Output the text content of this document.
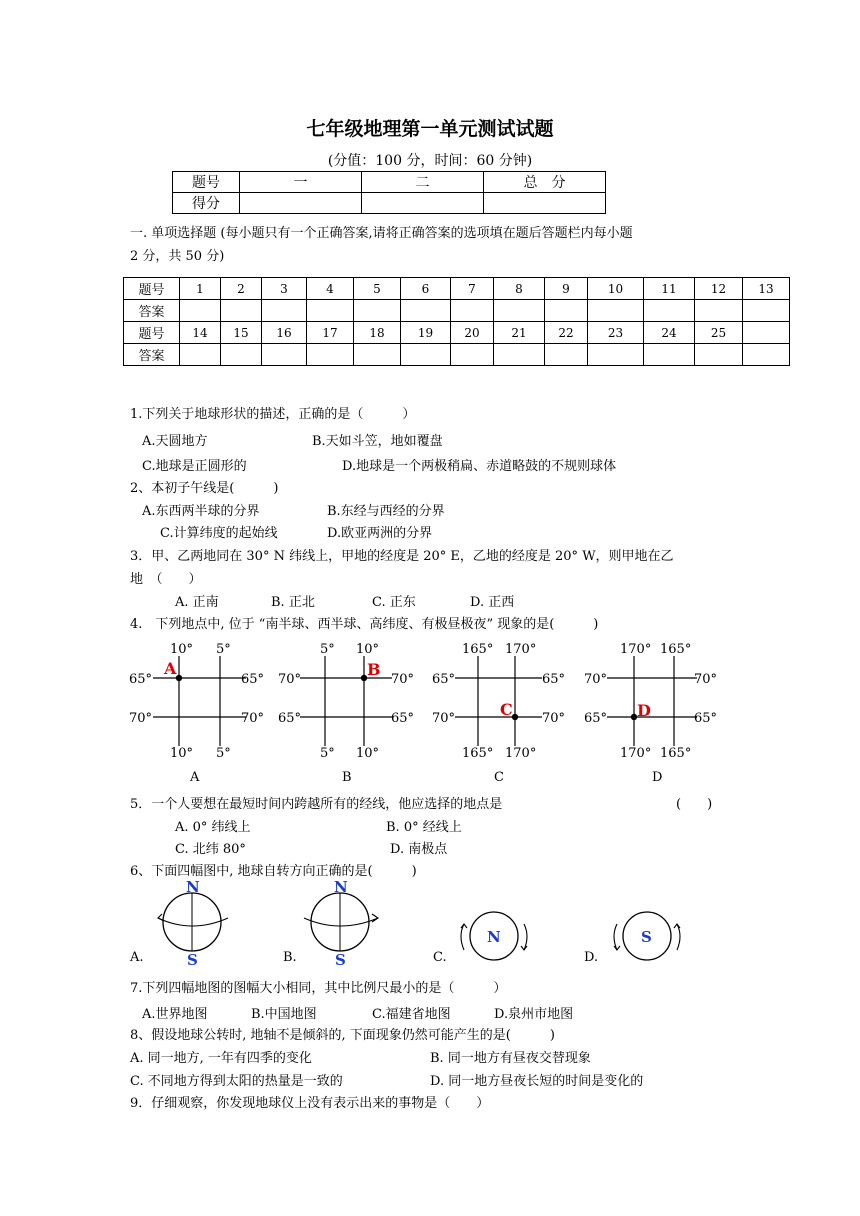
七年级地理第一单元测试试题
(分值：100 分，时间：60 分钟)
题号	一	二	总　分
得分			
一. 单项选择题 (每小题只有一个正确答案,请将正确答案的选项填在题后答题栏内每小题
2 分，共 50 分)
题号	1	2	3	4	5	6	7	8	9	10	11	12	13
答案													
题号	14	15	16	17	18	19	20	21	22	23	24	25	
答案													
1.下列关于地球形状的描述，正确的是（　　　）
A.天圆地方	B.天如斗笠，地如覆盘
C.地球是正圆形的	D.地球是一个两极稍扁、赤道略鼓的不规则球体
2、本初子午线是(　　　)
A.东西两半球的分界	B.东经与西经的分界
C.计算纬度的起始线	D.欧亚两洲的分界
3．甲、乙两地同在 30° N 纬线上，甲地的经度是 20° E，乙地的经度是 20° W，则甲地在乙
地　（　　）
A. 正南	B. 正北	C. 正东	D. 正西
4.　下列地点中, 位于 “南半球、西半球、高纬度、有极昼极夜” 现象的是(　　　)
10° 5°
10° 5°
65°
70°
65°
70°
A
A
5° 10°
5° 10°
70°
65°
70°
65°
B
B
165° 170°
165° 170°
65°
70°
65°
70°
C
C
170° 165°
170° 165°
70°
65°
70°
65°
D
D
5．一个人要想在最短时间内跨越所有的经线，他应选择的地点是	(　　)
A. 0° 纬线上	B. 0° 经线上
C. 北纬 80°	D. 南极点
6、下面四幅图中, 地球自转方向正确的是(　　　)
N
S
A.
N
S
B.
N
C.
S
D.
7.下列四幅地图的图幅大小相同，其中比例尺最小的是（　　　）
A.世界地图	B.中国地图	C.福建省地图	D.泉州市地图
8、假设地球公转时, 地轴不是倾斜的, 下面现象仍然可能产生的是(　　　)
A. 同一地方, 一年有四季的变化	B. 同一地方有昼夜交替现象
C. 不同地方得到太阳的热量是一致的	D. 同一地方昼夜长短的时间是变化的
9．仔细观察，你发现地球仪上没有表示出来的事物是（　　）
